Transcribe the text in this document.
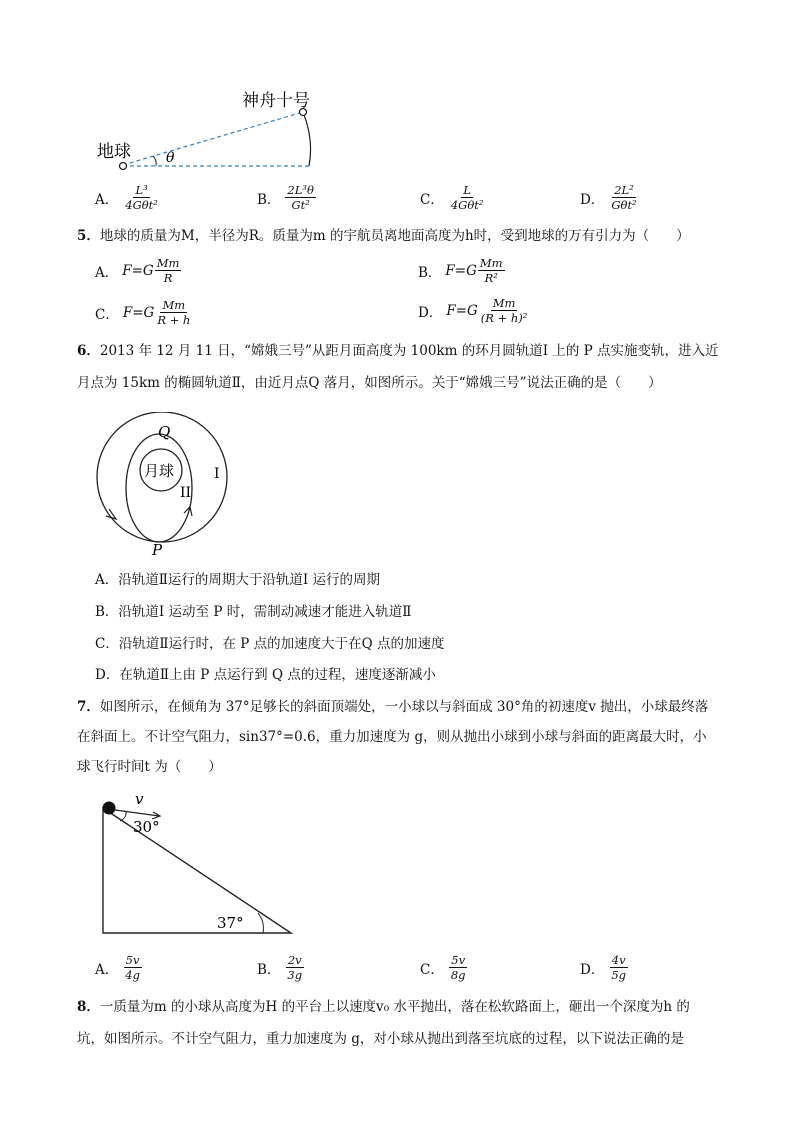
神舟十号
地球	θ
A． $\frac{\text{L³}}{\text{4Gθt²}}$	B． $\frac{\text{2L³θ}}{\text{Gt²}}$	C． $\frac{L}{\text{4Gθt²}}$	D． $\frac{\text{2L²}}{\text{Gθt²}}$
5．地球的质量为M，半径为R。质量为m 的宇航员离地面高度为h时，受到地球的万有引力为（　　）
A． $F=G \frac{Mm}{R}$	B． $F=G \frac{Mm}{\text{R²}}$
C． $F=G \frac{Mm}{R + h}$	D． $F=G \frac{Mm}{\text{(R + h)²}}$
6．2013 年 12 月 11 日，“嫦娥三号”从距月面高度为 100km 的环月圆轨道I 上的 P 点实施变轨，进入近
月点为 15km 的椭圆轨道Ⅱ，由近月点Q 落月，如图所示。关于“嫦娥三号”说法正确的是（　　）
月球
Q
P
I
II
A．沿轨道Ⅱ运行的周期大于沿轨道I 运行的周期
B．沿轨道I 运动至 P 时，需制动减速才能进入轨道Ⅱ
C．沿轨道Ⅱ运行时，在 P 点的加速度大于在Q 点的加速度
D．在轨道Ⅱ上由 P 点运行到 Q 点的过程，速度逐渐减小
7．如图所示，在倾角为 37°足够长的斜面顶端处，一小球以与斜面成 30°角的初速度v 抛出，小球最终落
在斜面上。不计空气阻力，sin37°=0.6，重力加速度为 g，则从抛出小球到小球与斜面的距离最大时，小
球飞行时间t 为（　　）
v
30°
37°
A． $\frac{5v}{4g}$	B． $\frac{2v}{3g}$	C． $\frac{5v}{8g}$	D． $\frac{4v}{5g}$
8．一质量为m 的小球从高度为H 的平台上以速度v₀ 水平抛出，落在松软路面上，砸出一个深度为h 的
坑，如图所示。不计空气阻力，重力加速度为 g，对小球从抛出到落至坑底的过程，以下说法正确的是
